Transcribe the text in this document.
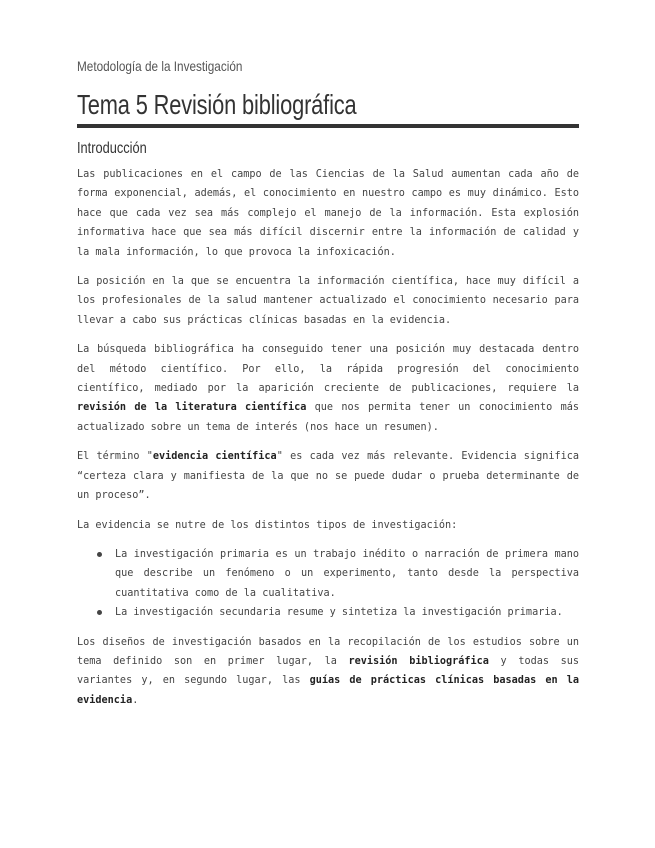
Metodología de la Investigación
Tema 5 Revisión bibliográfica
Introducción

Las publicaciones en el campo de las Ciencias de la Salud aumentan cada año de forma exponencial, además, el conocimiento en nuestro campo es muy dinámico. Esto hace que cada vez sea más complejo el manejo de la información. Esta explosión informativa hace que sea más difícil discernir entre la información de calidad y la mala información, lo que provoca la infoxicación.

La posición en la que se encuentra la información científica, hace muy difícil a los profesionales de la salud mantener actualizado el conocimiento necesario para llevar a cabo sus prácticas clínicas basadas en la evidencia.

La búsqueda bibliográfica ha conseguido tener una posición muy destacada dentro del método científico. Por ello, la rápida progresión del conocimiento científico, mediado por la aparición creciente de publicaciones, requiere la revisión de la literatura científica que nos permita tener un conocimiento más actualizado sobre un tema de interés (nos hace un resumen).

El término "evidencia científica" es cada vez más relevante. Evidencia significa “certeza clara y manifiesta de la que no se puede dudar o prueba determinante de un proceso”.

La evidencia se nutre de los distintos tipos de investigación:

La investigación primaria es un trabajo inédito o narración de primera mano que describe un fenómeno o un experimento, tanto desde la perspectiva cuantitativa como de la cualitativa.
La investigación secundaria resume y sintetiza la investigación primaria.

Los diseños de investigación basados en la recopilación de los estudios sobre un tema definido son en primer lugar, la revisión bibliográfica y todas sus variantes y, en segundo lugar, las guías de prácticas clínicas basadas en la evidencia.
